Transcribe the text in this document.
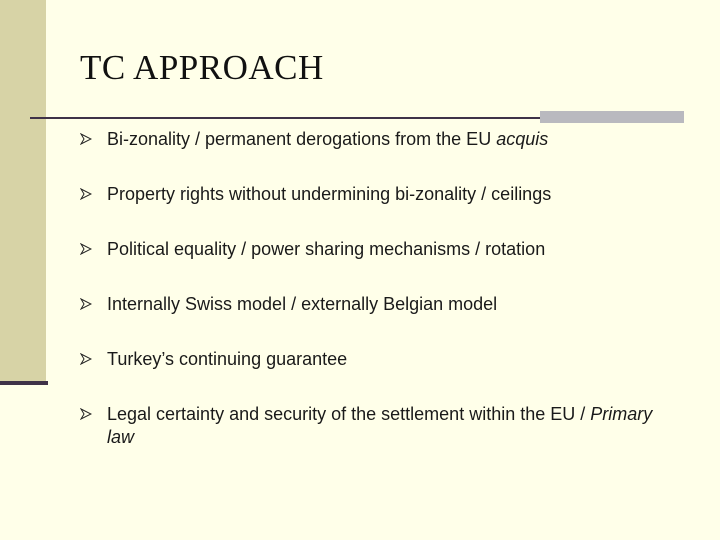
TC APPROACH
Bi-zonality / permanent derogations from the EU acquis
Property rights without undermining bi-zonality / ceilings
Political equality / power sharing mechanisms / rotation
Internally Swiss model / externally Belgian model
Turkey’s continuing guarantee
Legal certainty and security of the settlement within the EU / Primary law
